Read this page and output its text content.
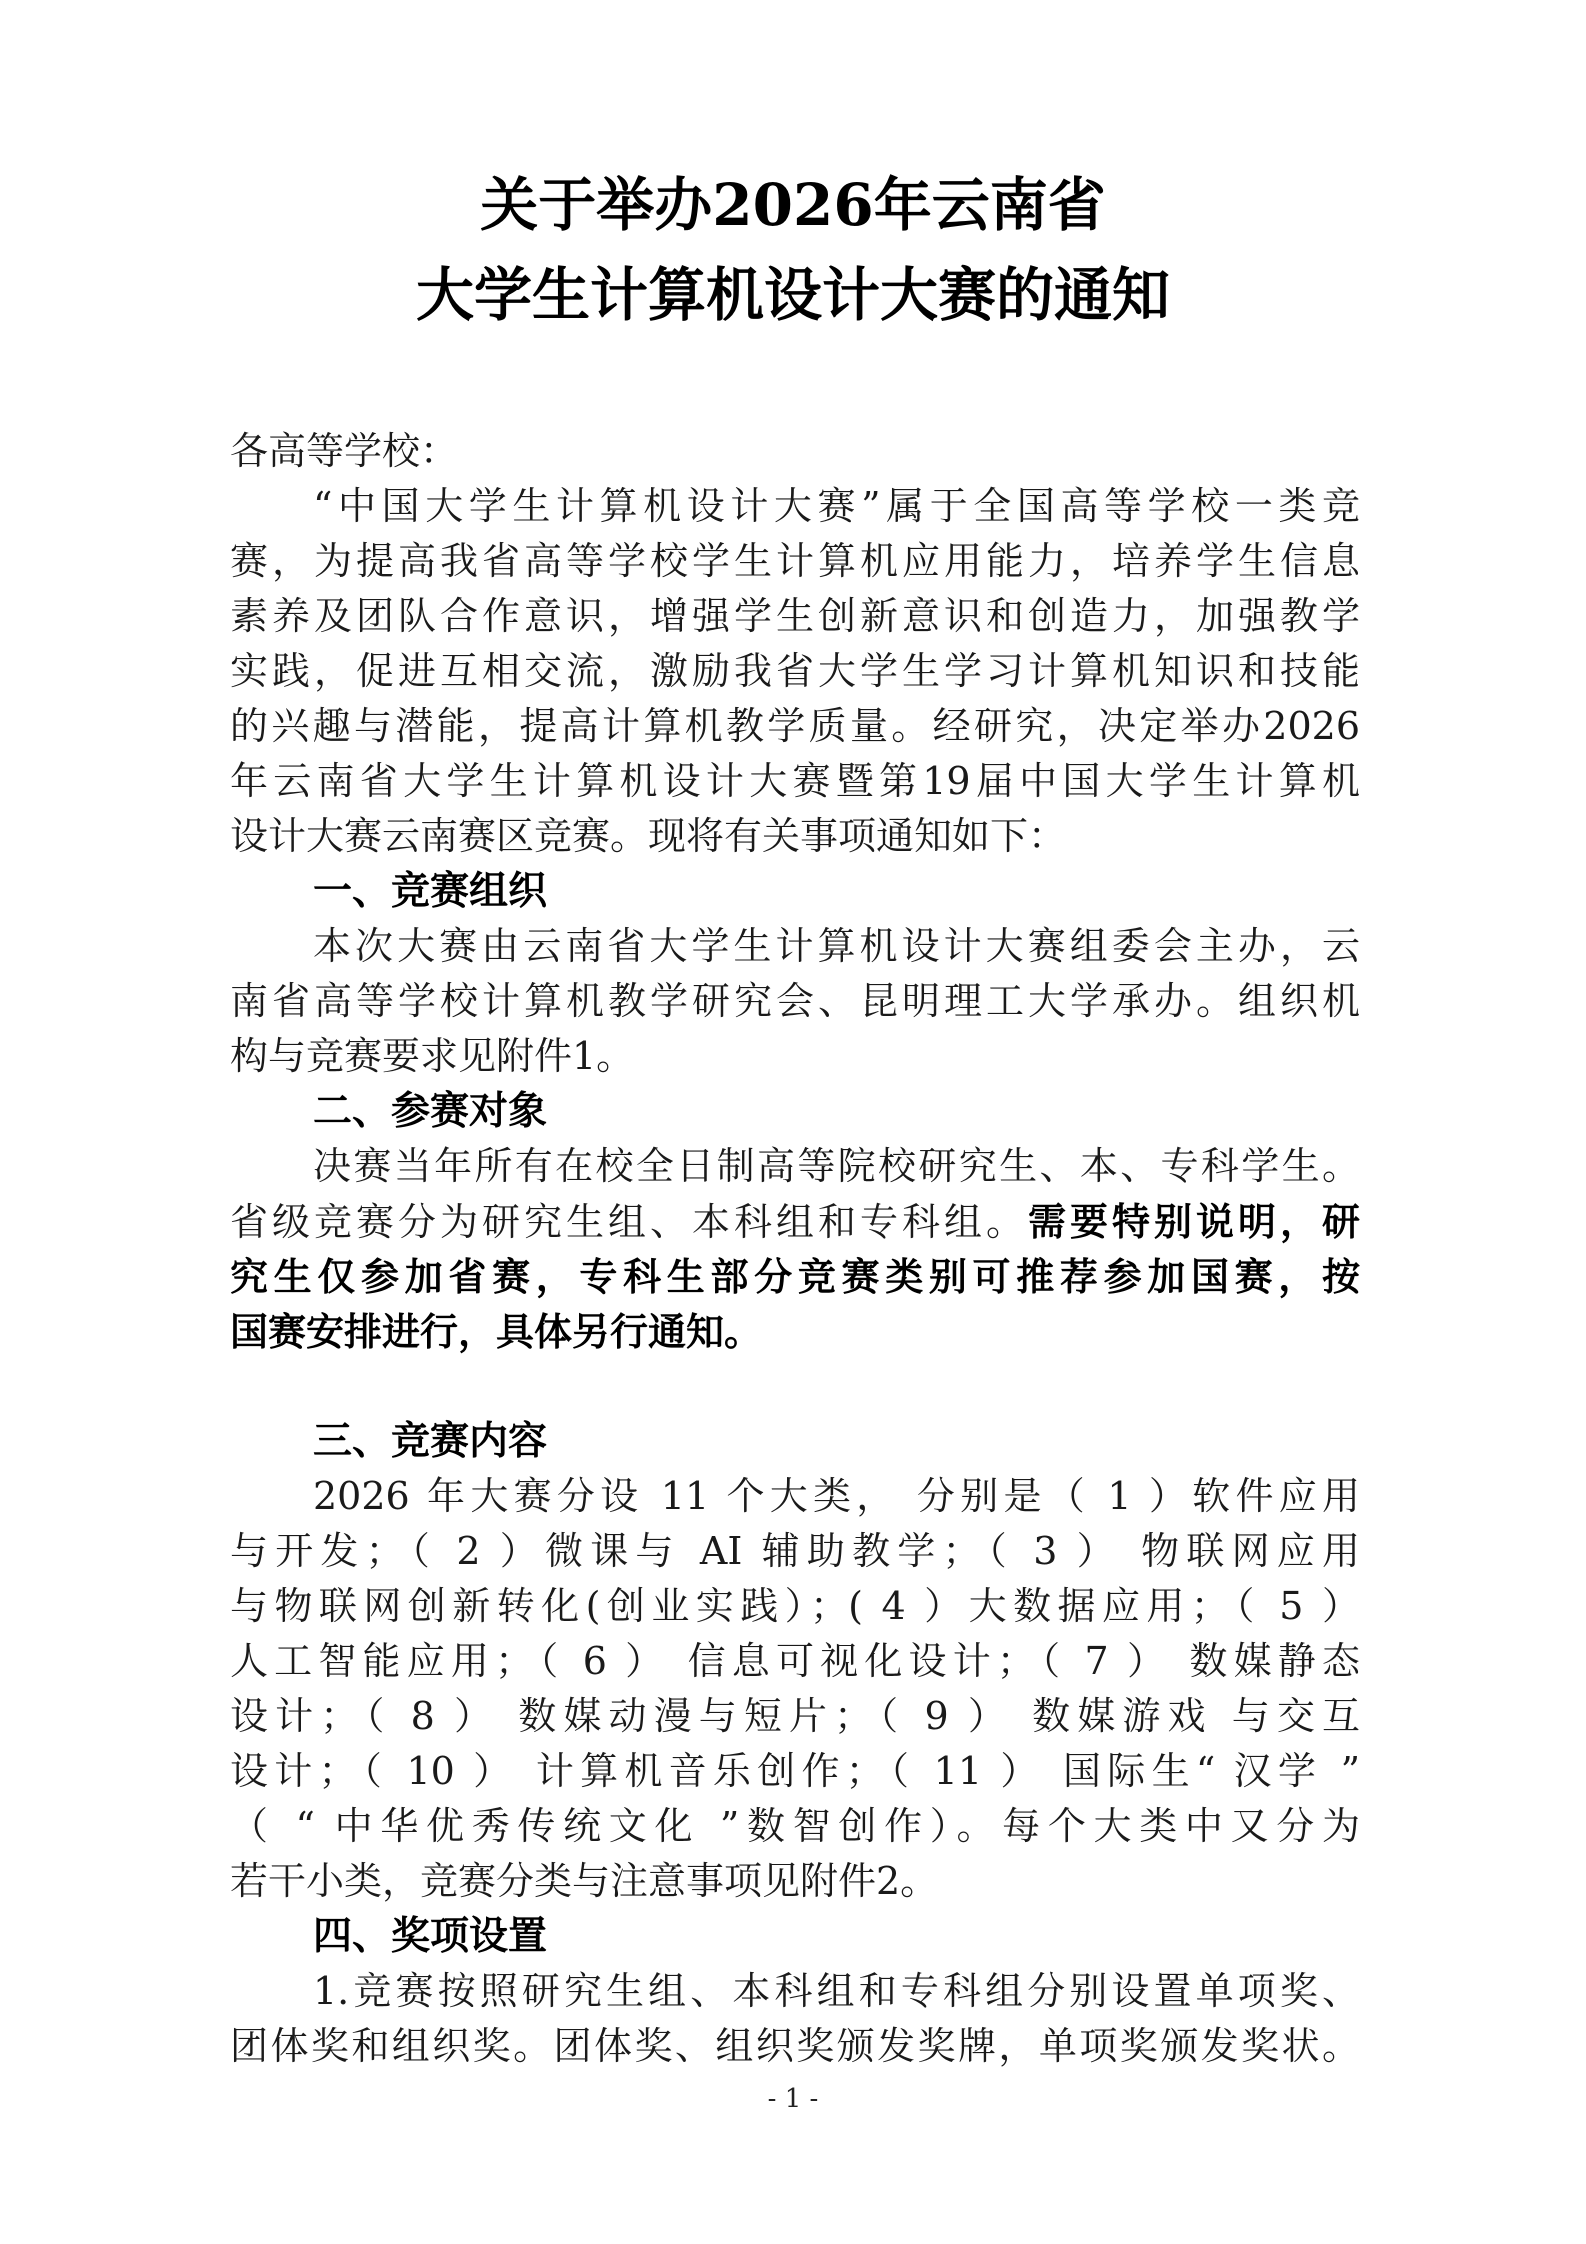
关于举办2026年云南省
大学生计算机设计大赛的通知
各高等学校：
“中国大学生计算机设计大赛”属于全国高等学校一类竞
赛，为提高我省高等学校学生计算机应用能力，培养学生信息
素养及团队合作意识，增强学生创新意识和创造力，加强教学
实践，促进互相交流，激励我省大学生学习计算机知识和技能
的兴趣与潜能，提高计算机教学质量。经研究，决定举办2026
年云南省大学生计算机设计大赛暨第19届中国大学生计算机
设计大赛云南赛区竞赛。现将有关事项通知如下：
一、竞赛组织
本次大赛由云南省大学生计算机设计大赛组委会主办，云
南省高等学校计算机教学研究会、昆明理工大学承办。组织机
构与竞赛要求见附件1。
二、参赛对象
决赛当年所有在校全日制高等院校研究生、本、专科学生。
省级竞赛分为研究生组、本科组和专科组。需要特别说明，研
究生仅参加省赛，专科生部分竞赛类别可推荐参加国赛，按
国赛安排进行，具体另行通知。
三、竞赛内容
2026 年大赛分设 11 个大类， 分别是（ 1 ）软件应用
与开发；（ 2 ）微课与 AI 辅助教学；（ 3 ） 物联网应用
与物联网创新转化(创业实践）；( 4 ）大数据应用；（ 5 ）
人工智能应用；（ 6 ） 信息可视化设计；（ 7 ） 数媒静态
设计；（ 8 ） 数媒动漫与短片；（ 9 ） 数媒游戏 与交互
设计；（ 10 ） 计算机音乐创作；（ 11 ） 国际生“ 汉学 ”
（ “ 中华优秀传统文化 ”数智创作）。每个大类中又分为
若干小类，竞赛分类与注意事项见附件2。
四、奖项设置
1.竞赛按照研究生组、本科组和专科组分别设置单项奖、
团体奖和组织奖。团体奖、组织奖颁发奖牌，单项奖颁发奖状。
- 1 -
